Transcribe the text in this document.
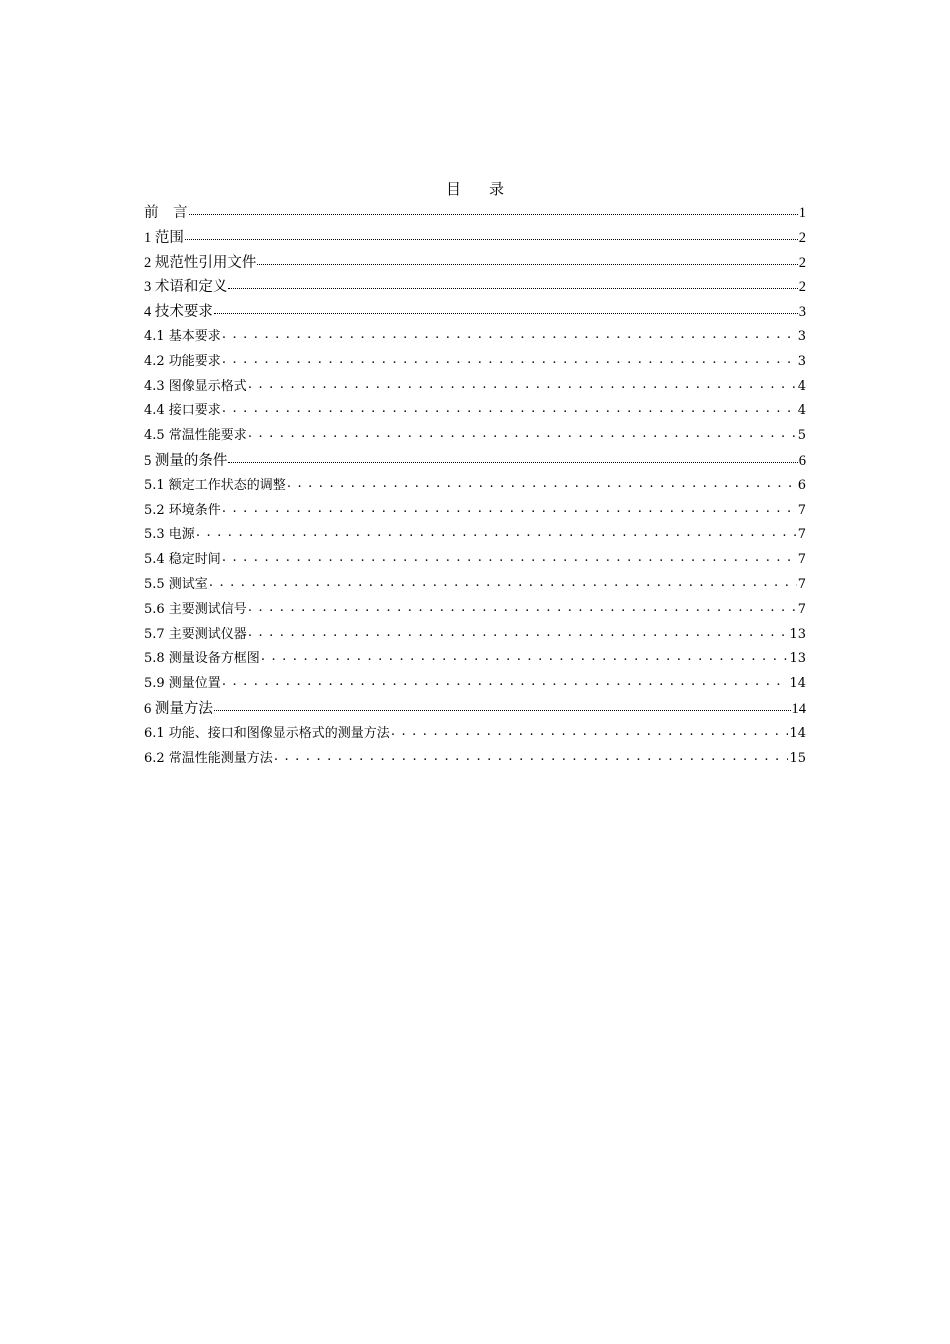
目 录
前　言	1
1 范围	2
2 规范性引用文件	2
3 术语和定义	2
4 技术要求	3
4.1 基本要求 . . .	3
4.2 功能要求 . . .	3
4.3 图像显示格式 . . .	4
4.4 接口要求 . . .	4
4.5 常温性能要求 . . .	5
5 测量的条件	6
5.1 额定工作状态的调整 . . .	6
5.2 环境条件 . . .	7
5.3 电源 . . .	7
5.4 稳定时间 . . .	7
5.5 测试室 . . .	7
5.6 主要测试信号 . . .	7
5.7 主要测试仪器 . . .	13
5.8 测量设备方框图 . . .	13
5.9 测量位置 . . .	14
6 测量方法	14
6.1 功能、接口和图像显示格式的测量方法 . . .	14
6.2 常温性能测量方法 . . .	15
